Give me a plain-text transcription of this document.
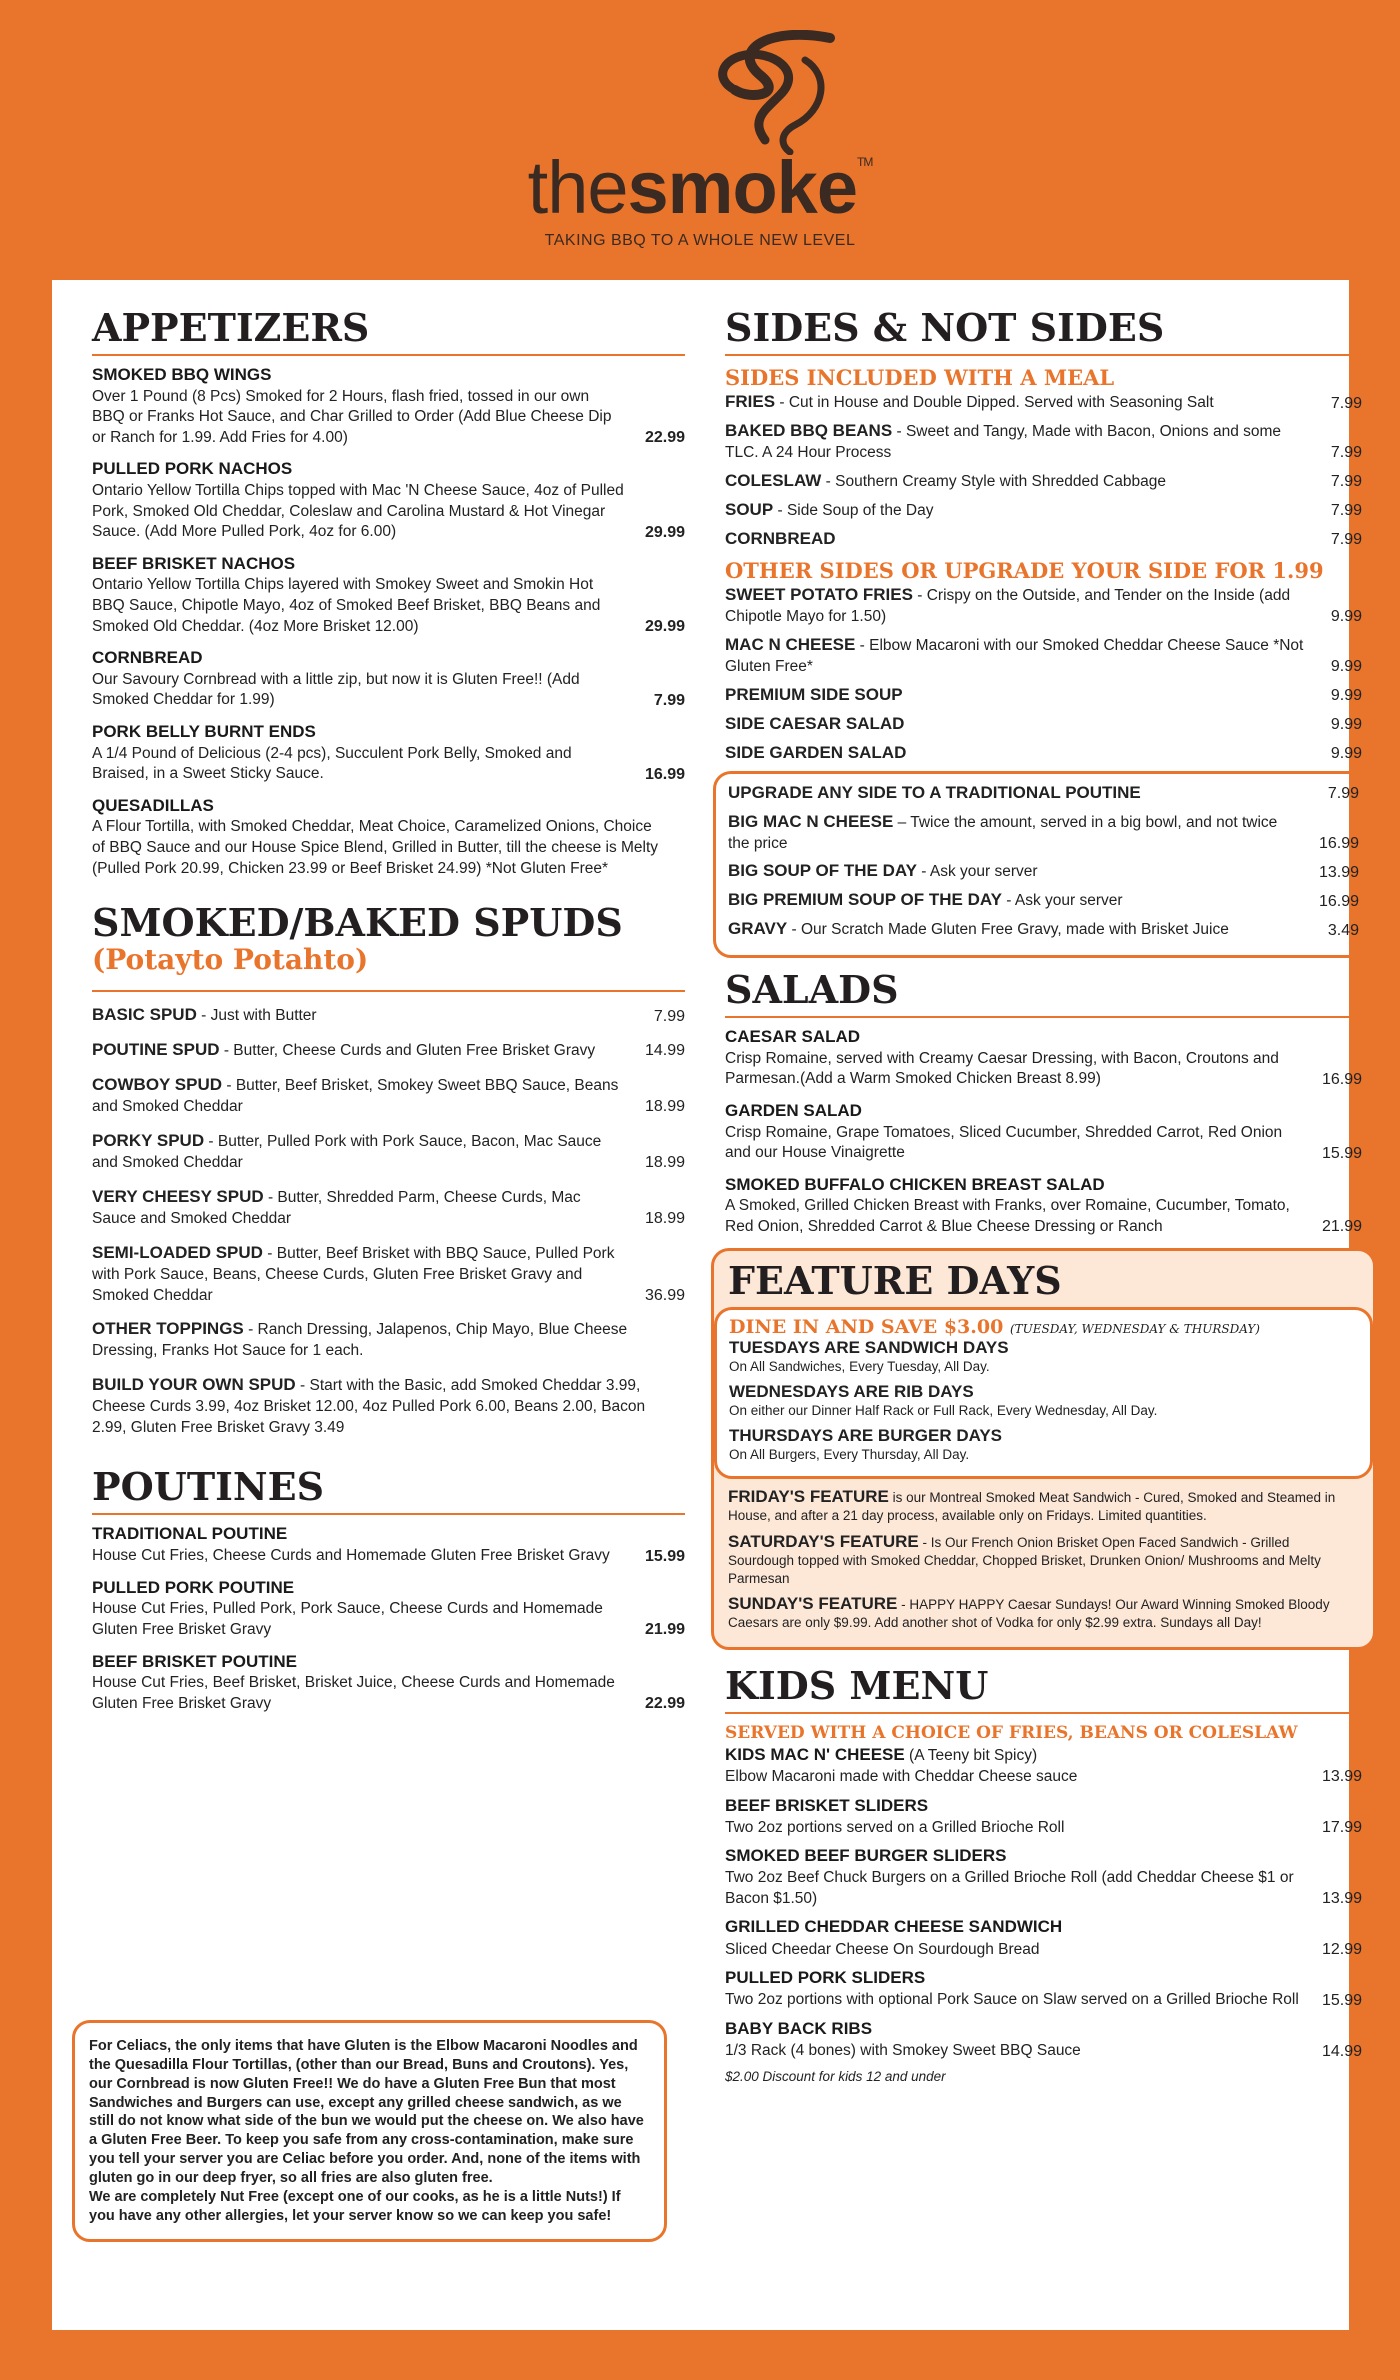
thesmoke™
TAKING BBQ TO A WHOLE NEW LEVEL
APPETIZERS
SMOKED BBQ WINGS
Over 1 Pound (8 Pcs) Smoked for 2 Hours, flash fried, tossed in our own BBQ or Franks Hot Sauce, and Char Grilled to Order (Add Blue Cheese Dip or Ranch for 1.99. Add Fries for 4.00)	22.99
PULLED PORK NACHOS
Ontario Yellow Tortilla Chips topped with Mac 'N Cheese Sauce, 4oz of Pulled Pork, Smoked Old Cheddar, Coleslaw and Carolina Mustard & Hot Vinegar Sauce. (Add More Pulled Pork, 4oz for 6.00)	29.99
BEEF BRISKET NACHOS
Ontario Yellow Tortilla Chips layered with Smokey Sweet and Smokin Hot BBQ Sauce, Chipotle Mayo, 4oz of Smoked Beef Brisket, BBQ Beans and Smoked Old Cheddar. (4oz More Brisket 12.00)	29.99
CORNBREAD
Our Savoury Cornbread with a little zip, but now it is Gluten Free!! (Add Smoked Cheddar for 1.99)	7.99
PORK BELLY BURNT ENDS
A 1/4 Pound of Delicious (2-4 pcs), Succulent Pork Belly, Smoked and Braised, in a Sweet Sticky Sauce.	16.99
QUESADILLAS
A Flour Tortilla, with Smoked Cheddar, Meat Choice, Caramelized Onions, Choice of BBQ Sauce and our House Spice Blend, Grilled in Butter, till the cheese is Melty (Pulled Pork 20.99, Chicken 23.99 or Beef Brisket 24.99) *Not Gluten Free*
SMOKED/BAKED SPUDS
(Potayto Potahto)
BASIC SPUD - Just with Butter	7.99
POUTINE SPUD - Butter, Cheese Curds and Gluten Free Brisket Gravy	14.99
COWBOY SPUD - Butter, Beef Brisket, Smokey Sweet BBQ Sauce, Beans and Smoked Cheddar	18.99
PORKY SPUD - Butter, Pulled Pork with Pork Sauce, Bacon, Mac Sauce and Smoked Cheddar	18.99
VERY CHEESY SPUD - Butter, Shredded Parm, Cheese Curds, Mac Sauce and Smoked Cheddar	18.99
SEMI-LOADED SPUD - Butter, Beef Brisket with BBQ Sauce, Pulled Pork with Pork Sauce, Beans, Cheese Curds, Gluten Free Brisket Gravy and Smoked Cheddar	36.99
OTHER TOPPINGS - Ranch Dressing, Jalapenos, Chip Mayo, Blue Cheese Dressing, Franks Hot Sauce for 1 each.
BUILD YOUR OWN SPUD - Start with the Basic, add Smoked Cheddar 3.99, Cheese Curds 3.99, 4oz Brisket 12.00, 4oz Pulled Pork 6.00, Beans 2.00, Bacon 2.99, Gluten Free Brisket Gravy 3.49
POUTINES
TRADITIONAL POUTINE
House Cut Fries, Cheese Curds and Homemade Gluten Free Brisket Gravy	15.99
PULLED PORK POUTINE
House Cut Fries, Pulled Pork, Pork Sauce, Cheese Curds and Homemade Gluten Free Brisket Gravy	21.99
BEEF BRISKET POUTINE
House Cut Fries, Beef Brisket, Brisket Juice, Cheese Curds and Homemade Gluten Free Brisket Gravy	22.99
For Celiacs, the only items that have Gluten is the Elbow Macaroni Noodles and the Quesadilla Flour Tortillas, (other than our Bread, Buns and Croutons). Yes, our Cornbread is now Gluten Free!! We do have a Gluten Free Bun that most Sandwiches and Burgers can use, except any grilled cheese sandwich, as we still do not know what side of the bun we would put the cheese on. We also have a Gluten Free Beer. To keep you safe from any cross-contamination, make sure you tell your server you are Celiac before you order. And, none of the items with gluten go in our deep fryer, so all fries are also gluten free.
We are completely Nut Free (except one of our cooks, as he is a little Nuts!) If you have any other allergies, let your server know so we can keep you safe!
SIDES & NOT SIDES
SIDES INCLUDED WITH A MEAL
FRIES - Cut in House and Double Dipped. Served with Seasoning Salt	7.99
BAKED BBQ BEANS - Sweet and Tangy, Made with Bacon, Onions and some TLC. A 24 Hour Process	7.99
COLESLAW - Southern Creamy Style with Shredded Cabbage	7.99
SOUP - Side Soup of the Day	7.99
CORNBREAD	7.99
OTHER SIDES OR UPGRADE YOUR SIDE FOR 1.99
SWEET POTATO FRIES - Crispy on the Outside, and Tender on the Inside (add Chipotle Mayo for 1.50)	9.99
MAC N CHEESE - Elbow Macaroni with our Smoked Cheddar Cheese Sauce *Not Gluten Free*	9.99
PREMIUM SIDE SOUP	9.99
SIDE CAESAR SALAD	9.99
SIDE GARDEN SALAD	9.99
UPGRADE ANY SIDE TO A TRADITIONAL POUTINE	7.99
BIG MAC N CHEESE – Twice the amount, served in a big bowl, and not twice the price	16.99
BIG SOUP OF THE DAY - Ask your server	13.99
BIG PREMIUM SOUP OF THE DAY - Ask your server	16.99
GRAVY - Our Scratch Made Gluten Free Gravy, made with Brisket Juice	3.49
SALADS
CAESAR SALAD
Crisp Romaine, served with Creamy Caesar Dressing, with Bacon, Croutons and Parmesan.(Add a Warm Smoked Chicken Breast 8.99)	16.99
GARDEN SALAD
Crisp Romaine, Grape Tomatoes, Sliced Cucumber, Shredded Carrot, Red Onion and our House Vinaigrette	15.99
SMOKED BUFFALO CHICKEN BREAST SALAD
A Smoked, Grilled Chicken Breast with Franks, over Romaine, Cucumber, Tomato, Red Onion, Shredded Carrot & Blue Cheese Dressing or Ranch	21.99
FEATURE DAYS
DINE IN AND SAVE $3.00 (TUESDAY, WEDNESDAY & THURSDAY)
TUESDAYS ARE SANDWICH DAYS
On All Sandwiches, Every Tuesday, All Day.
WEDNESDAYS ARE RIB DAYS
On either our Dinner Half Rack or Full Rack, Every Wednesday, All Day.
THURSDAYS ARE BURGER DAYS
On All Burgers, Every Thursday, All Day.
FRIDAY'S FEATURE is our Montreal Smoked Meat Sandwich - Cured, Smoked and Steamed in House, and after a 21 day process, available only on Fridays. Limited quantities.
SATURDAY'S FEATURE - Is Our French Onion Brisket Open Faced Sandwich - Grilled Sourdough topped with Smoked Cheddar, Chopped Brisket, Drunken Onion/ Mushrooms and Melty Parmesan
SUNDAY'S FEATURE - HAPPY HAPPY Caesar Sundays! Our Award Winning Smoked Bloody Caesars are only $9.99. Add another shot of Vodka for only $2.99 extra. Sundays all Day!
KIDS MENU
SERVED WITH A CHOICE OF FRIES, BEANS OR COLESLAW
KIDS MAC N' CHEESE (A Teeny bit Spicy)
Elbow Macaroni made with Cheddar Cheese sauce	13.99
BEEF BRISKET SLIDERS
Two 2oz portions served on a Grilled Brioche Roll	17.99
SMOKED BEEF BURGER SLIDERS
Two 2oz Beef Chuck Burgers on a Grilled Brioche Roll (add Cheddar Cheese $1 or Bacon $1.50)	13.99
GRILLED CHEDDAR CHEESE SANDWICH
Sliced Cheedar Cheese On Sourdough Bread	12.99
PULLED PORK SLIDERS
Two 2oz portions with optional Pork Sauce on Slaw served on a Grilled Brioche Roll	15.99
BABY BACK RIBS
1/3 Rack (4 bones) with Smokey Sweet BBQ Sauce	14.99
$2.00 Discount for kids 12 and under
